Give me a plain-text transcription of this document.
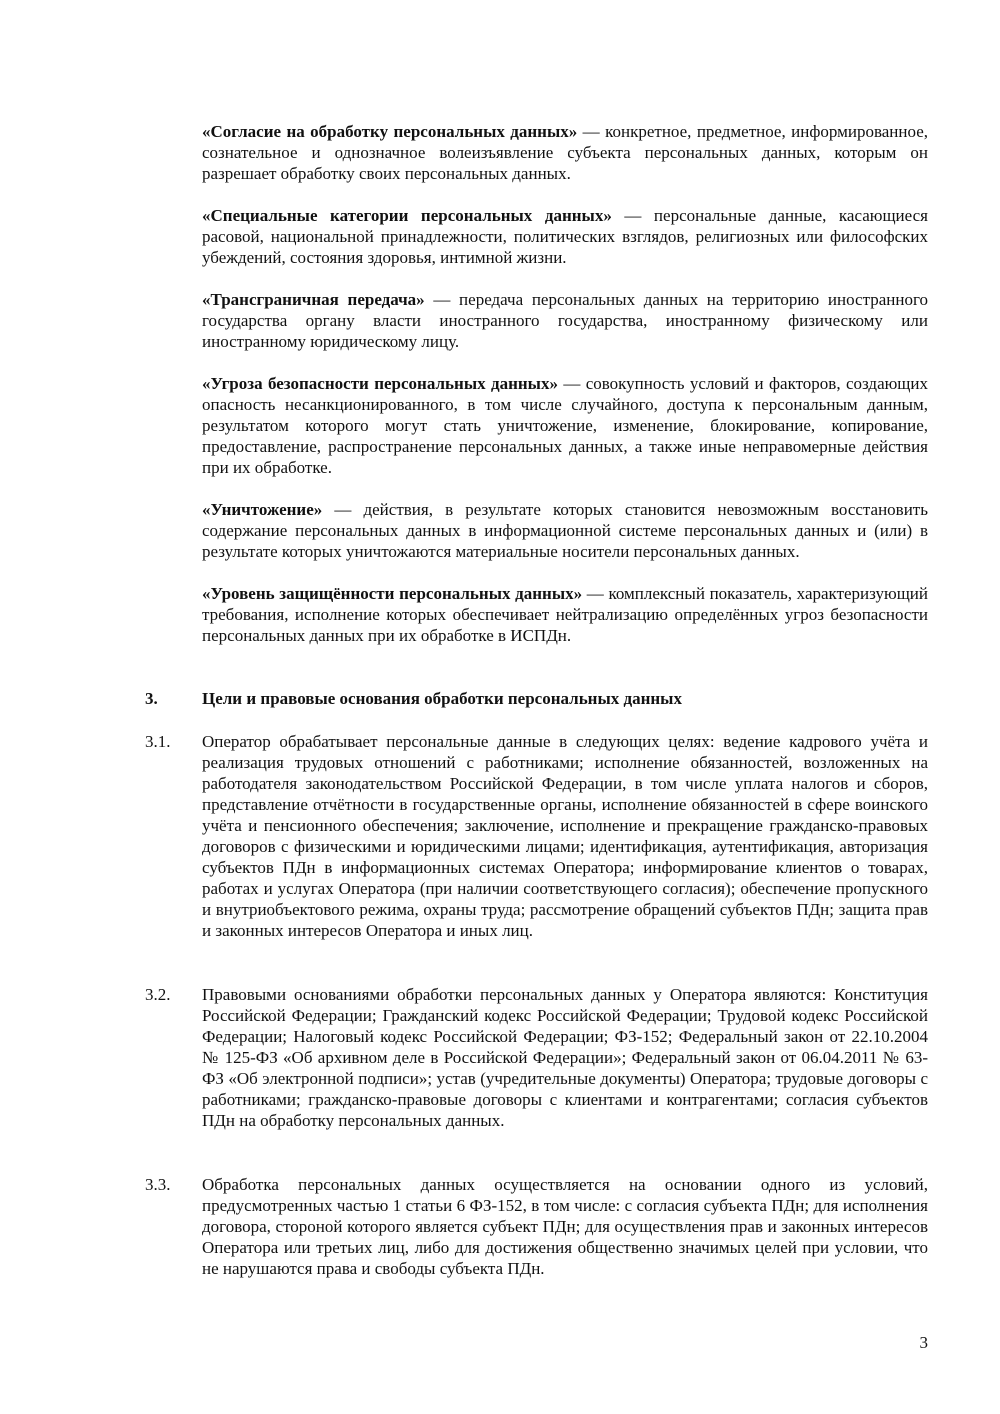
«Согласие на обработку персональных данных» — конкретное, предметное, информированное, сознательное и однозначное волеизъявление субъекта персональных данных, которым он разрешает обработку своих персональных данных.

«Специальные категории персональных данных» — персональные данные, касающиеся расовой, национальной принадлежности, политических взглядов, религиозных или философских убеждений, состояния здоровья, интимной жизни.

«Трансграничная передача» — передача персональных данных на территорию иностранного государства органу власти иностранного государства, иностранному физическому или иностранному юридическому лицу.

«Угроза безопасности персональных данных» — совокупность условий и факторов, создающих опасность несанкционированного, в том числе случайного, доступа к персональным данным, результатом которого могут стать уничтожение, изменение, блокирование, копирование, предоставление, распространение персональных данных, а также иные неправомерные действия при их обработке.

«Уничтожение» — действия, в результате которых становится невозможным восстановить содержание персональных данных в информационной системе персональных данных и (или) в результате которых уничтожаются материальные носители персональных данных.

«Уровень защищённости персональных данных» — комплексный показатель, характеризующий требования, исполнение которых обеспечивает нейтрализацию определённых угроз безопасности персональных данных при их обработке в ИСПДн.

3.	Цели и правовые основания обработки персональных данных
3.1. Оператор обрабатывает персональные данные в следующих целях: ведение кадрового учёта и реализация трудовых отношений с работниками; исполнение обязанностей, возложенных на работодателя законодательством Российской Федерации, в том числе уплата налогов и сборов, представление отчётности в государственные органы, исполнение обязанностей в сфере воинского учёта и пенсионного обеспечения; заключение, исполнение и прекращение гражданско-правовых договоров с физическими и юридическими лицами; идентификация, аутентификация, авторизация субъектов ПДн в информационных системах Оператора; информирование клиентов о товарах, работах и услугах Оператора (при наличии соответствующего согласия); обеспечение пропускного и внутриобъектового режима, охраны труда; рассмотрение обращений субъектов ПДн; защита прав и законных интересов Оператора и иных лиц.
3.2. Правовыми основаниями обработки персональных данных у Оператора являются: Конституция Российской Федерации; Гражданский кодекс Российской Федерации; Трудовой кодекс Российской Федерации; Налоговый кодекс Российской Федерации; ФЗ-152; Федеральный закон от 22.10.2004 № 125-ФЗ «Об архивном деле в Российской Федерации»; Федеральный закон от 06.04.2011 № 63-ФЗ «Об электронной подписи»; устав (учредительные документы) Оператора; трудовые договоры с работниками; гражданско-правовые договоры с клиентами и контрагентами; согласия субъектов ПДн на обработку персональных данных.
3.3. Обработка персональных данных осуществляется на основании одного из условий, предусмотренных частью 1 статьи 6 ФЗ-152, в том числе: с согласия субъекта ПДн; для исполнения договора, стороной которого является субъект ПДн; для осуществления прав и законных интересов Оператора или третьих лиц, либо для достижения общественно значимых целей при условии, что не нарушаются права и свободы субъекта ПДн.
3
